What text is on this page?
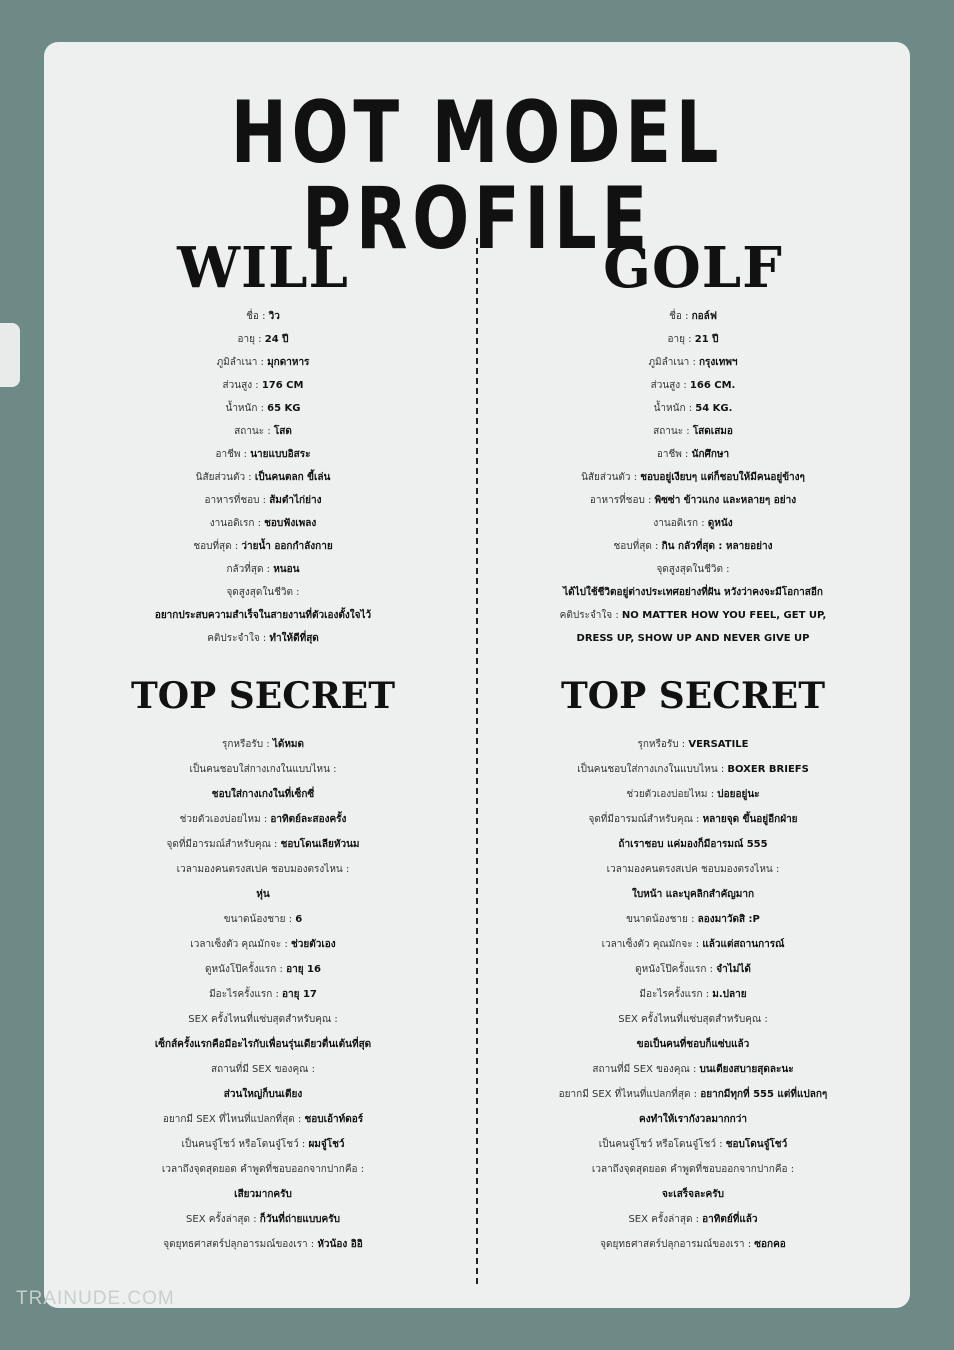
HOT MODEL PROFILE
WILL
ชื่อ : วิว
อายุ : 24 ปี
ภูมิลำเนา : มุกดาหาร
ส่วนสูง : 176 CM
น้ำหนัก : 65 KG
สถานะ : โสด
อาชีพ : นายแบบอิสระ
นิสัยส่วนตัว : เป็นคนตลก ขี้เล่น
อาหารที่ชอบ : ส้มตำไก่ย่าง
งานอดิเรก : ชอบฟังเพลง
ชอบที่สุด : ว่ายน้ำ ออกกำลังกาย
กลัวที่สุด : หนอน
จุดสูงสุดในชีวิต :
อยากประสบความสำเร็จในสายงานที่ตัวเองตั้งใจไว้
คติประจำใจ : ทำให้ดีที่สุด
TOP SECRET
รุกหรือรับ : ได้หมด
เป็นคนชอบใส่กางเกงในแบบไหน :
ชอบใส่กางเกงในที่เซ็กซี่
ช่วยตัวเองบ่อยไหม : อาทิตย์ละสองครั้ง
จุดที่มีอารมณ์สำหรับคุณ : ชอบโดนเลียหัวนม
เวลามองคนตรงสเปค ชอบมองตรงไหน :
หุ่น
ขนาดน้องชาย : 6
เวลาเซ็งตัว คุณมักจะ : ช่วยตัวเอง
ดูหนังโป๊ครั้งแรก : อายุ 16
มีอะไรครั้งแรก : อายุ 17
SEX ครั้งไหนที่แซ่บสุดสำหรับคุณ :
เซ็กส์ครั้งแรกคือมีอะไรกับเพื่อนรุ่นเดียวตื่นเต้นที่สุด
สถานที่มี SEX ของคุณ :
ส่วนใหญ่ก็บนเตียง
อยากมี SEX ที่ไหนที่แปลกที่สุด : ชอบเอ้าท์ดอร์
เป็นคนจู๋โชว์ หรือโดนจู๋โชว์ : ผมจู๋โชว์
เวลาถึงจุดสุดยอด คำพูดที่ชอบออกจากปากคือ :
เสียวมากครับ
SEX ครั้งล่าสุด : ก็วันที่ถ่ายแบบครับ
จุดยุทธศาสตร์ปลุกอารมณ์ของเรา : หัวน้อง อิอิ
GOLF
ชื่อ : กอล์ฟ
อายุ : 21 ปี
ภูมิลำเนา : กรุงเทพฯ
ส่วนสูง : 166 CM.
น้ำหนัก : 54 KG.
สถานะ : โสดเสมอ
อาชีพ : นักศึกษา
นิสัยส่วนตัว : ชอบอยู่เงียบๆ แต่ก็ชอบให้มีคนอยู่ข้างๆ
อาหารที่ชอบ : พิซซ่า ข้าวแกง และหลายๆ อย่าง
งานอดิเรก : ดูหนัง
ชอบที่สุด : กิน กลัวที่สุด : หลายอย่าง
จุดสูงสุดในชีวิต :
ได้ไปใช้ชีวิตอยู่ต่างประเทศอย่างที่ฝัน หวังว่าคงจะมีโอกาสอีก
คติประจำใจ : NO MATTER HOW YOU FEEL, GET UP,
DRESS UP, SHOW UP AND NEVER GIVE UP
TOP SECRET
รุกหรือรับ : VERSATILE
เป็นคนชอบใส่กางเกงในแบบไหน : BOXER BRIEFS
ช่วยตัวเองบ่อยไหม : บ่อยอยู่นะ
จุดที่มีอารมณ์สำหรับคุณ : หลายจุด ขึ้นอยู่อีกฝ่าย
ถ้าเราชอบ แค่มองก็มีอารมณ์ 555
เวลามองคนตรงสเปค ชอบมองตรงไหน :
ใบหน้า และบุคลิกสำคัญมาก
ขนาดน้องชาย : ลองมาวัดสิ :P
เวลาเซ็งตัว คุณมักจะ : แล้วแต่สถานการณ์
ดูหนังโป๊ครั้งแรก : จำไม่ได้
มีอะไรครั้งแรก : ม.ปลาย
SEX ครั้งไหนที่แซ่บสุดสำหรับคุณ :
ขอเป็นคนที่ชอบก็แซ่บแล้ว
สถานที่มี SEX ของคุณ : บนเตียงสบายสุดละนะ
อยากมี SEX ที่ไหนที่แปลกที่สุด : อยากมีทุกที่ 555 แต่ที่แปลกๆ
คงทำให้เรากังวลมากกว่า
เป็นคนจู๋โชว์ หรือโดนจู๋โชว์ : ชอบโดนจู๋โชว์
เวลาถึงจุดสุดยอด คำพูดที่ชอบออกจากปากคือ :
จะเสร็จละครับ
SEX ครั้งล่าสุด : อาทิตย์ที่แล้ว
จุดยุทธศาสตร์ปลุกอารมณ์ของเรา : ซอกคอ
TRAINUDE.COM
